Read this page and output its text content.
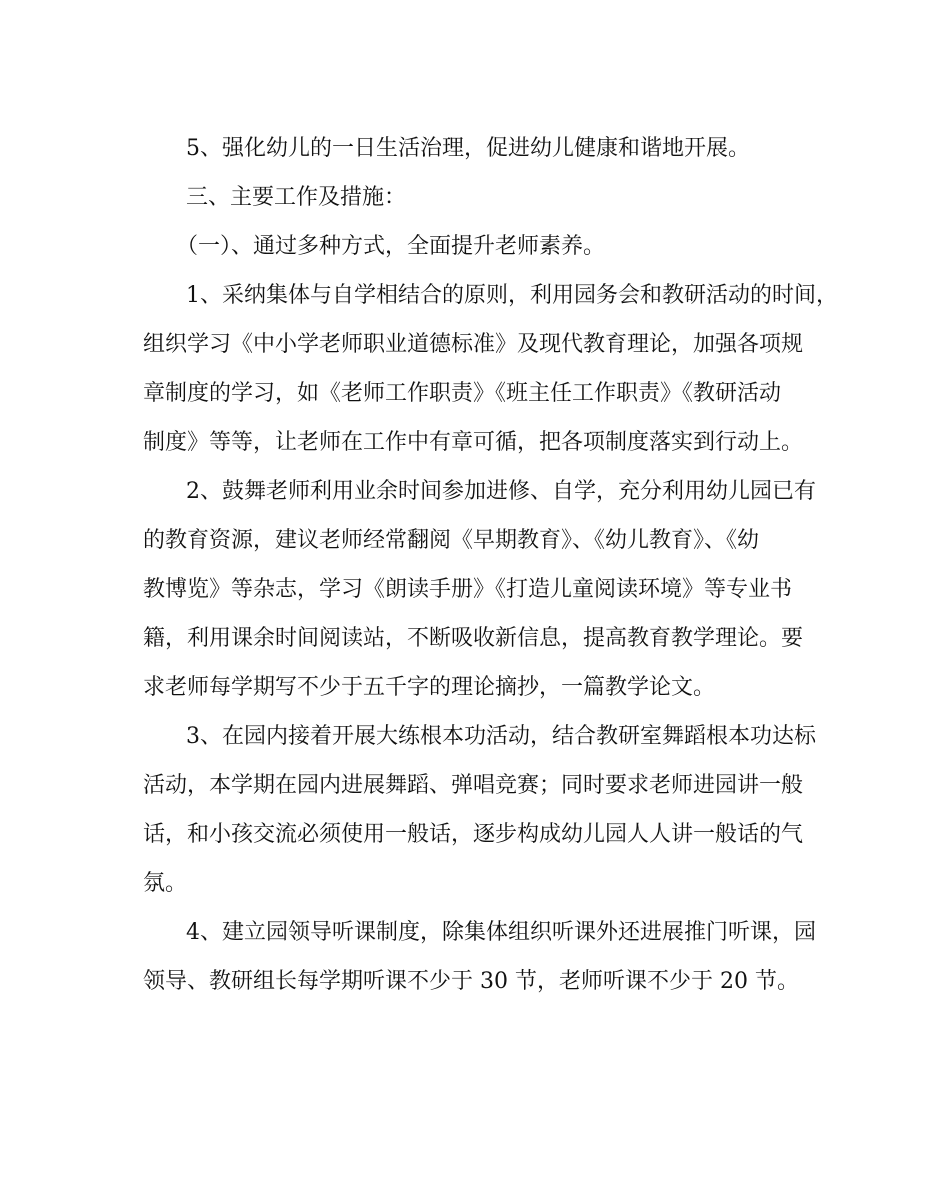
5、强化幼儿的一日生活治理，促进幼儿健康和谐地开展。
三、主要工作及措施：
（一）、通过多种方式，全面提升老师素养。
1、采纳集体与自学相结合的原则，利用园务会和教研活动的时间，
组织学习《中小学老师职业道德标准》及现代教育理论，加强各项规
章制度的学习，如《老师工作职责》《班主任工作职责》《教研活动
制度》等等，让老师在工作中有章可循，把各项制度落实到行动上。
2、鼓舞老师利用业余时间参加进修、自学，充分利用幼儿园已有
的教育资源，建议老师经常翻阅《早期教育》、《幼儿教育》、《幼
教博览》等杂志，学习《朗读手册》《打造儿童阅读环境》等专业书
籍，利用课余时间阅读站，不断吸收新信息，提高教育教学理论。要
求老师每学期写不少于五千字的理论摘抄，一篇教学论文。
3、在园内接着开展大练根本功活动，结合教研室舞蹈根本功达标
活动，本学期在园内进展舞蹈、弹唱竞赛；同时要求老师进园讲一般
话，和小孩交流必须使用一般话，逐步构成幼儿园人人讲一般话的气
氛。
4、建立园领导听课制度，除集体组织听课外还进展推门听课，园
领导、教研组长每学期听课不少于 30 节，老师听课不少于 20 节。
